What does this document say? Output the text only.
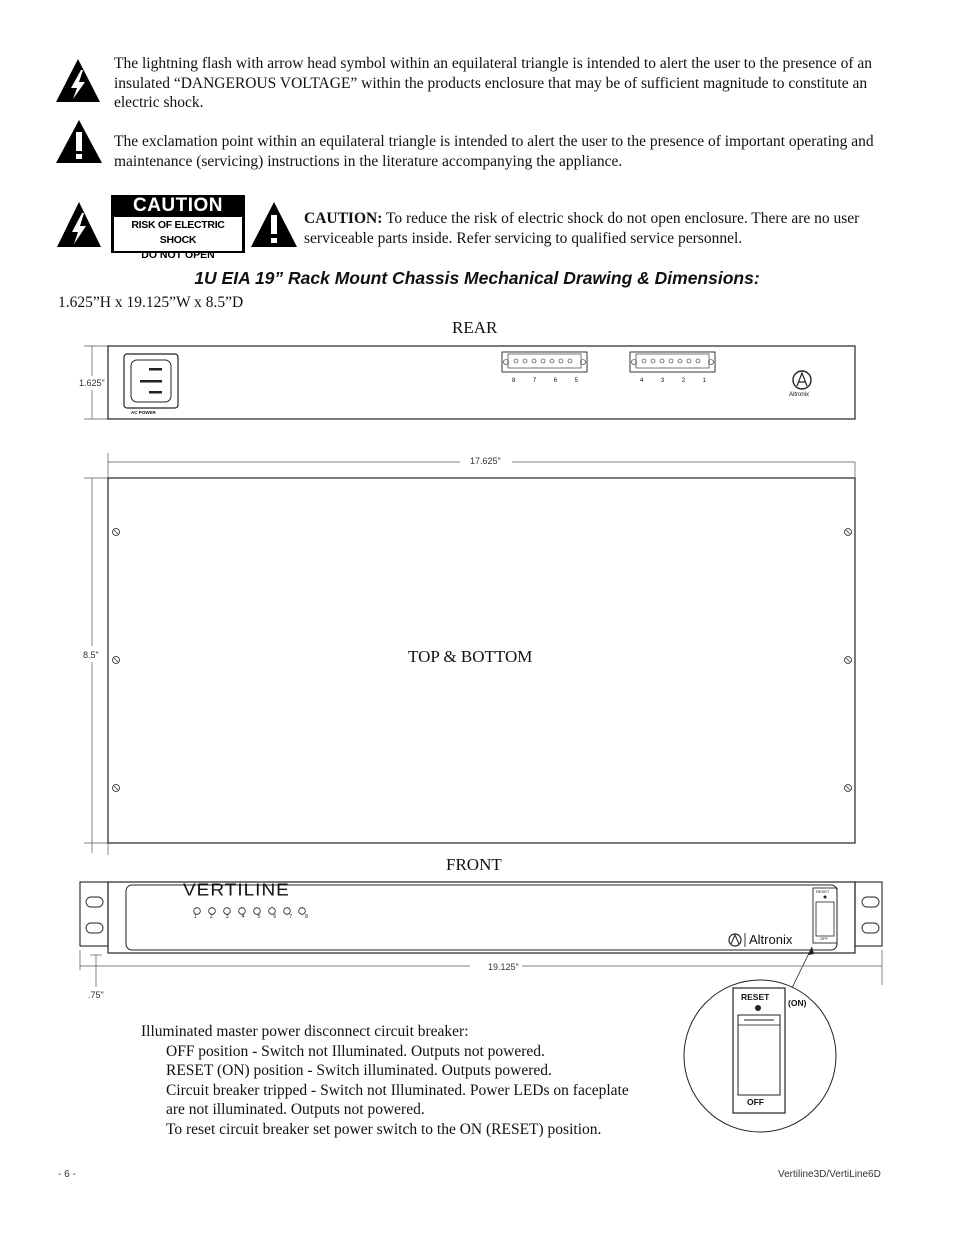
The lightning flash with arrow head symbol within an equilateral triangle is intended to alert the user to the presence of an insulated “DANGEROUS VOLTAGE” within the products enclosure that may be of sufficient magnitude to constitute an electric shock.
The exclamation point within an equilateral triangle is intended to alert the user to the presence of important operating and maintenance (servicing) instructions in the literature accompanying the appliance.
CAUTION
RISK OF ELECTRIC SHOCK
DO NOT OPEN
CAUTION: To reduce the risk of electric shock do not open enclosure. There are no user serviceable parts inside. Refer servicing to qualified service personnel.
1U EIA 19” Rack Mount Chassis Mechanical Drawing & Dimensions:
1.625”H x 19.125”W x 8.5”D
REAR
1.625"
AC POWER
8	7	6	5	4	3	2	1
Altronix
17.625"
8.5"	TOP & BOTTOM
FRONT
VERTILINE
1	2	3	4	5	6	7	8
Altronix
RESET
OFF
19.125"
.75"	RESET
(ON)
OFF
Illuminated master power disconnect circuit breaker:
OFF position - Switch not Illuminated. Outputs not powered.
RESET (ON) position - Switch illuminated. Outputs powered.
Circuit breaker tripped - Switch not Illuminated. Power LEDs on faceplate
are not illuminated. Outputs not powered.
To reset circuit breaker set power switch to the ON (RESET) position.
- 6 -	Vertiline3D/VertiLine6D
